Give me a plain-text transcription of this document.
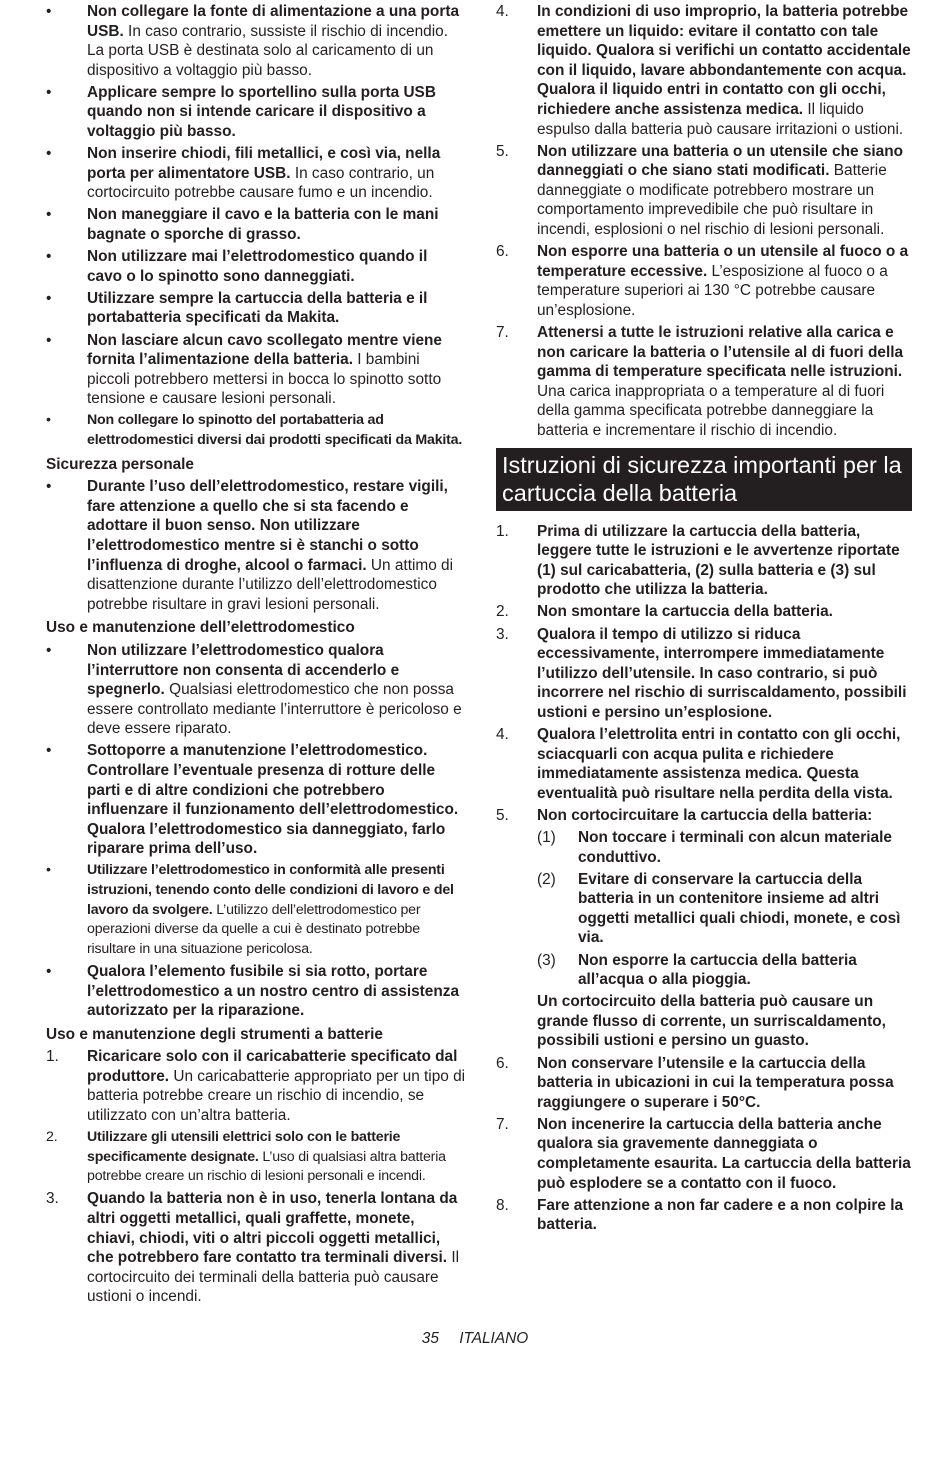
• Non collegare la fonte di alimentazione a una porta USB. In caso contrario, sussiste il rischio di incendio. La porta USB è destinata solo al caricamento di un dispositivo a voltaggio più basso.
• Applicare sempre lo sportellino sulla porta USB quando non si intende caricare il dispositivo a voltaggio più basso.
• Non inserire chiodi, fili metallici, e così via, nella porta per alimentatore USB. In caso contrario, un cortocircuito potrebbe causare fumo e un incendio.
• Non maneggiare il cavo e la batteria con le mani bagnate o sporche di grasso.
• Non utilizzare mai l’elettrodomestico quando il cavo o lo spinotto sono danneggiati.
• Utilizzare sempre la cartuccia della batteria e il portabatteria specificati da Makita.
• Non lasciare alcun cavo scollegato mentre viene fornita l’alimentazione della batteria. I bambini piccoli potrebbero mettersi in bocca lo spinotto sotto tensione e causare lesioni personali.
•	Non collegare lo spinotto del portabatteria ad elettrodomestici diversi dai prodotti specificati da Makita.
Sicurezza personale
• Durante l’uso dell’elettrodomestico, restare vigili, fare attenzione a quello che si sta facendo e adottare il buon senso. Non utilizzare l’elettrodomestico mentre si è stanchi o sotto l’influenza di droghe, alcool o farmaci. Un attimo di disattenzione durante l’utilizzo dell’elettrodomestico potrebbe risultare in gravi lesioni personali.
Uso e manutenzione dell’elettrodomestico
• Non utilizzare l’elettrodomestico qualora l’interruttore non consenta di accenderlo e spegnerlo. Qualsiasi elettrodomestico che non possa essere controllato mediante l’interruttore è pericoloso e deve essere riparato.
• Sottoporre a manutenzione l’elettrodomestico. Controllare l’eventuale presenza di rotture delle parti e di altre condizioni che potrebbero influenzare il funzionamento dell’elettrodomestico. Qualora l’elettrodomestico sia danneggiato, farlo riparare prima dell’uso.
•	Utilizzare l’elettrodomestico in conformità alle presenti istruzioni, tenendo conto delle condizioni di lavoro e del lavoro da svolgere. L’utilizzo dell’elettrodomestico per operazioni diverse da quelle a cui è destinato potrebbe risultare in una situazione pericolosa.
• Qualora l’elemento fusibile si sia rotto, portare l’elettrodomestico a un nostro centro di assistenza autorizzato per la riparazione.
Uso e manutenzione degli strumenti a batterie
1. Ricaricare solo con il caricabatterie specificato dal produttore. Un caricabatterie appropriato per un tipo di batteria potrebbe creare un rischio di incendio, se utilizzato con un’altra batteria.
2. Utilizzare gli utensili elettrici solo con le batterie specificamente designate. L’uso di qualsiasi altra batteria potrebbe creare un rischio di lesioni personali e incendi.
3. Quando la batteria non è in uso, tenerla lontana da altri oggetti metallici, quali graffette, monete, chiavi, chiodi, viti o altri piccoli oggetti metallici, che potrebbero fare contatto tra terminali diversi. Il cortocircuito dei terminali della batteria può causare ustioni o incendi.
4. In condizioni di uso improprio, la batteria potrebbe emettere un liquido: evitare il contatto con tale liquido. Qualora si verifichi un contatto accidentale con il liquido, lavare abbondantemente con acqua. Qualora il liquido entri in contatto con gli occhi, richiedere anche assistenza medica. Il liquido espulso dalla batteria può causare irritazioni o ustioni.
5. Non utilizzare una batteria o un utensile che siano danneggiati o che siano stati modificati. Batterie danneggiate o modificate potrebbero mostrare un comportamento imprevedibile che può risultare in incendi, esplosioni o nel rischio di lesioni personali.
6. Non esporre una batteria o un utensile al fuoco o a temperature eccessive. L’esposizione al fuoco o a temperature superiori ai 130 °C potrebbe causare un’esplosione.
7. Attenersi a tutte le istruzioni relative alla carica e non caricare la batteria o l’utensile al di fuori della gamma di temperature specificata nelle istruzioni. Una carica inappropriata o a temperature al di fuori della gamma specificata potrebbe danneggiare la batteria e incrementare il rischio di incendio.
Istruzioni di sicurezza importanti per la cartuccia della batteria
1. Prima di utilizzare la cartuccia della batteria, leggere tutte le istruzioni e le avvertenze riportate (1) sul caricabatteria, (2) sulla batteria e (3) sul prodotto che utilizza la batteria.
2. Non smontare la cartuccia della batteria.
3. Qualora il tempo di utilizzo si riduca eccessivamente, interrompere immediatamente l’utilizzo dell’utensile. In caso contrario, si può incorrere nel rischio di surriscaldamento, possibili ustioni e persino un’esplosione.
4. Qualora l’elettrolita entri in contatto con gli occhi, sciacquarli con acqua pulita e richiedere immediatamente assistenza medica. Questa eventualità può risultare nella perdita della vista.
5. Non cortocircuitare la cartuccia della batteria:
(1) Non toccare i terminali con alcun materiale conduttivo.
(2) Evitare di conservare la cartuccia della batteria in un contenitore insieme ad altri oggetti metallici quali chiodi, monete, e così via.
(3) Non esporre la cartuccia della batteria all’acqua o alla pioggia.
Un cortocircuito della batteria può causare un grande flusso di corrente, un surriscaldamento, possibili ustioni e persino un guasto.
6. Non conservare l’utensile e la cartuccia della batteria in ubicazioni in cui la temperatura possa raggiungere o superare i 50°C.
7. Non incenerire la cartuccia della batteria anche qualora sia gravemente danneggiata o completamente esaurita. La cartuccia della batteria può esplodere se a contatto con il fuoco.
8. Fare attenzione a non far cadere e a non colpire la batteria.
35 ITALIANO
